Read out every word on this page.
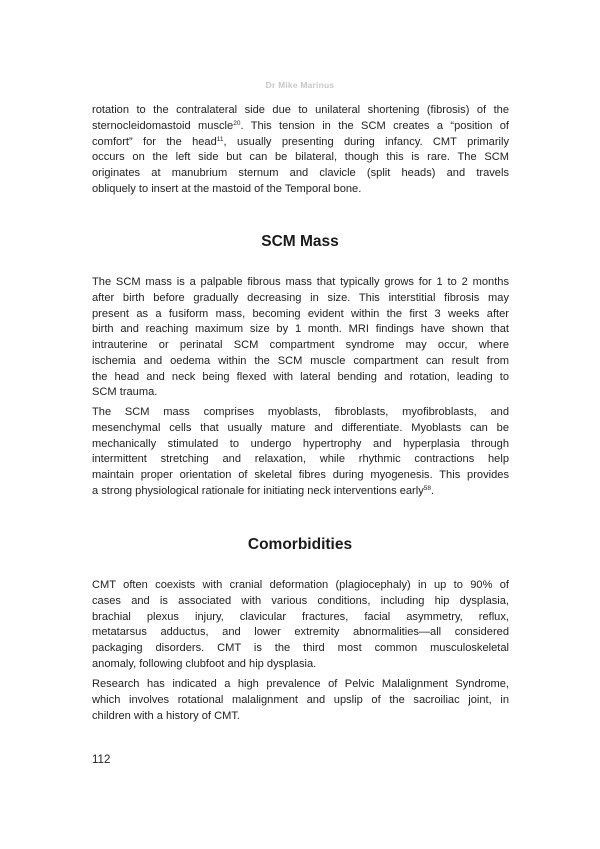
Dr Mike Marinus

rotation to the contralateral side due to unilateral shortening (fibrosis) of the
sternocleidomastoid muscle$^{20}$. This tension in the SCM creates a “position of
comfort” for the head$^{11}$, usually presenting during infancy. CMT primarily
occurs on the left side but can be bilateral, though this is rare. The SCM
originates at manubrium sternum and clavicle (split heads) and travels
obliquely to insert at the mastoid of the Temporal bone.

SCM Mass

The SCM mass is a palpable fibrous mass that typically grows for 1 to 2 months
after birth before gradually decreasing in size. This interstitial fibrosis may
present as a fusiform mass, becoming evident within the first 3 weeks after
birth and reaching maximum size by 1 month. MRI findings have shown that
intrauterine or perinatal SCM compartment syndrome may occur, where
ischemia and oedema within the SCM muscle compartment can result from
the head and neck being flexed with lateral bending and rotation, leading to
SCM trauma.

The SCM mass comprises myoblasts, fibroblasts, myofibroblasts, and
mesenchymal cells that usually mature and differentiate. Myoblasts can be
mechanically stimulated to undergo hypertrophy and hyperplasia through
intermittent stretching and relaxation, while rhythmic contractions help
maintain proper orientation of skeletal fibres during myogenesis. This provides
a strong physiological rationale for initiating neck interventions early$^{58}$.

Comorbidities

CMT often coexists with cranial deformation (plagiocephaly) in up to 90% of
cases and is associated with various conditions, including hip dysplasia,
brachial plexus injury, clavicular fractures, facial asymmetry, reflux,
metatarsus adductus, and lower extremity abnormalities—all considered
packaging disorders. CMT is the third most common musculoskeletal
anomaly, following clubfoot and hip dysplasia.

Research has indicated a high prevalence of Pelvic Malalignment Syndrome,
which involves rotational malalignment and upslip of the sacroiliac joint, in
children with a history of CMT.

112
